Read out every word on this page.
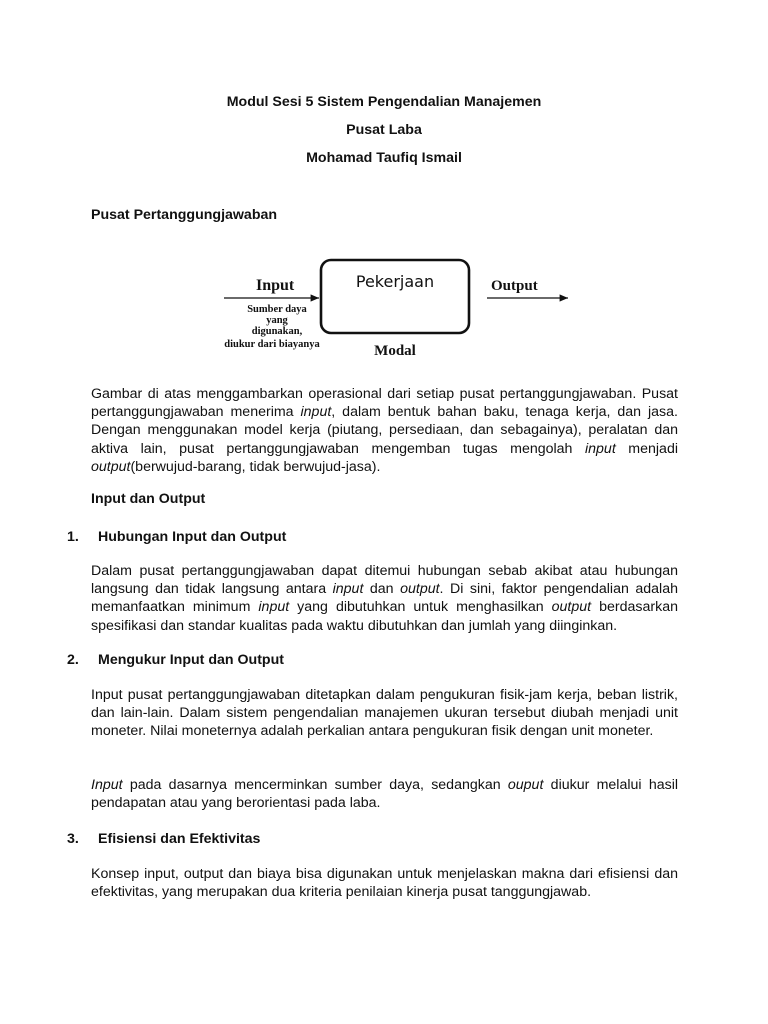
Modul Sesi 5 Sistem Pengendalian Manajemen
Pusat Laba
Mohamad Taufiq Ismail
Pusat Pertanggungjawaban
Input	Pekerjaan	Output
Sumber daya
yang
digunakan,
diukur dari biayanya	Modal
Gambar di atas menggambarkan operasional dari setiap pusat pertanggungjawaban. Pusat pertanggungjawaban menerima input, dalam bentuk bahan baku, tenaga kerja, dan jasa. Dengan menggunakan model kerja (piutang, persediaan, dan sebagainya), peralatan dan aktiva lain, pusat pertanggungjawaban mengemban tugas mengolah input menjadi output(berwujud-barang, tidak berwujud-jasa).
Input dan Output
1. Hubungan Input dan Output
Dalam pusat pertanggungjawaban dapat ditemui hubungan sebab akibat atau hubungan langsung dan tidak langsung antara input dan output. Di sini, faktor pengendalian adalah memanfaatkan minimum input yang dibutuhkan untuk menghasilkan output berdasarkan spesifikasi dan standar kualitas pada waktu dibutuhkan dan jumlah yang diinginkan.
2. Mengukur Input dan Output
Input pusat pertanggungjawaban ditetapkan dalam pengukuran fisik-jam kerja, beban listrik, dan lain-lain. Dalam sistem pengendalian manajemen ukuran tersebut diubah menjadi unit moneter. Nilai moneternya adalah perkalian antara pengukuran fisik dengan unit moneter.
Input pada dasarnya mencerminkan sumber daya, sedangkan ouput diukur melalui hasil pendapatan atau yang berorientasi pada laba.
3. Efisiensi dan Efektivitas
Konsep input, output dan biaya bisa digunakan untuk menjelaskan makna dari efisiensi dan efektivitas, yang merupakan dua kriteria penilaian kinerja pusat tanggungjawab.
